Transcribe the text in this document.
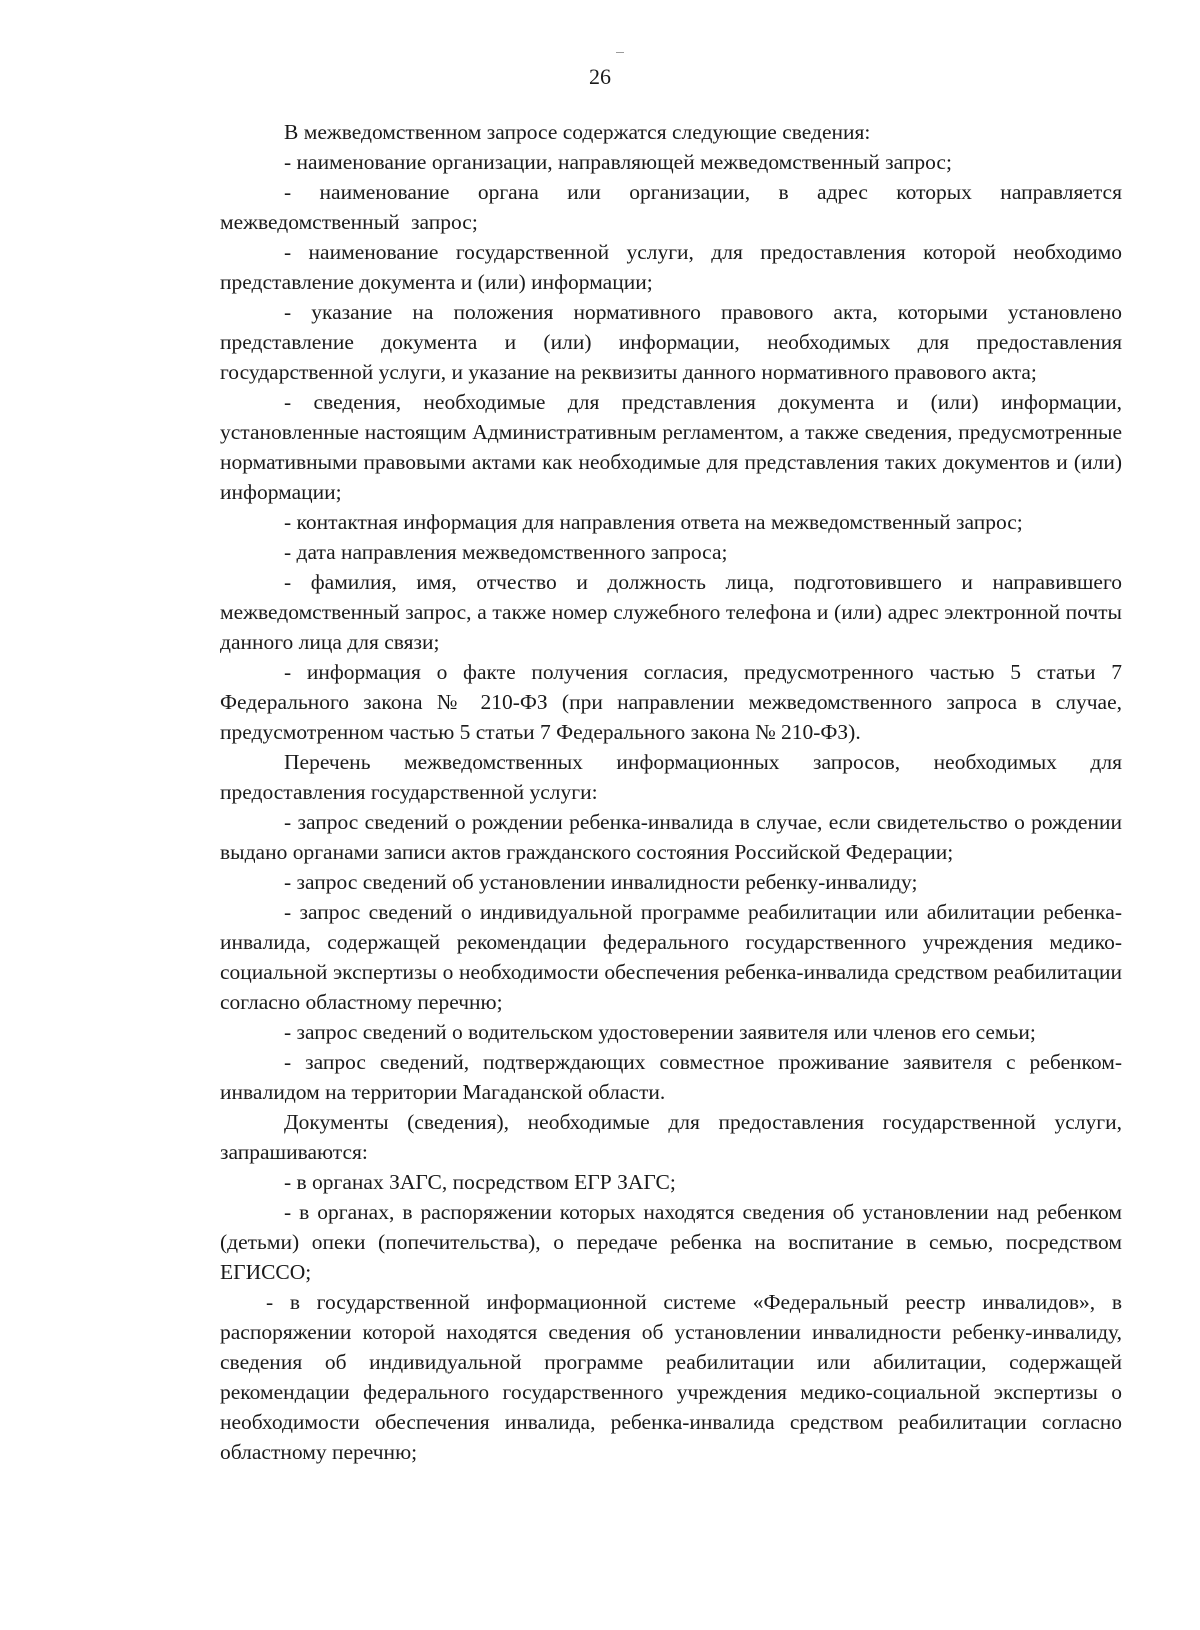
26

В межведомственном запросе содержатся следующие сведения:

- наименование организации, направляющей межведомственный запрос;

- наименование органа или организации, в адрес которых направляется межведомственный запрос;

- наименование государственной услуги, для предоставления которой необходимо представление документа и (или) информации;

- указание на положения нормативного правового акта, которыми установлено представление документа и (или) информации, необходимых для предоставления государственной услуги, и указание на реквизиты данного нормативного правового акта;

- сведения, необходимые для представления документа и (или) информации, установленные настоящим Административным регламентом, а также сведения, предусмотренные нормативными правовыми актами как необходимые для представления таких документов и (или) информации;

- контактная информация для направления ответа на межведомственный запрос;

- дата направления межведомственного запроса;

- фамилия, имя, отчество и должность лица, подготовившего и направившего межведомственный запрос, а также номер служебного телефона и (или) адрес электронной почты данного лица для связи;

- информация о факте получения согласия, предусмотренного частью 5 статьи 7 Федерального закона № 210-ФЗ (при направлении межведомственного запроса в случае, предусмотренном частью 5 статьи 7 Федерального закона № 210-ФЗ).

Перечень межведомственных информационных запросов, необходимых для предоставления государственной услуги:

- запрос сведений о рождении ребенка-инвалида в случае, если свидетельство о рождении выдано органами записи актов гражданского состояния Российской Федерации;

- запрос сведений об установлении инвалидности ребенку-инвалиду;

- запрос сведений о индивидуальной программе реабилитации или абилитации ребенка-инвалида, содержащей рекомендации федерального государственного учреждения медико-социальной экспертизы о необходимости обеспечения ребенка-инвалида средством реабилитации согласно областному перечню;

- запрос сведений о водительском удостоверении заявителя или членов его семьи;

- запрос сведений, подтверждающих совместное проживание заявителя с ребенком-инвалидом на территории Магаданской области.

Документы (сведения), необходимые для предоставления государственной услуги, запрашиваются:

- в органах ЗАГС, посредством ЕГР ЗАГС;

- в органах, в распоряжении которых находятся сведения об установлении над ребенком (детьми) опеки (попечительства), о передаче ребенка на воспитание в семью, посредством ЕГИССО;

- в государственной информационной системе «Федеральный реестр инвалидов», в распоряжении которой находятся сведения об установлении инвалидности ребенку-инвалиду, сведения об индивидуальной программе реабилитации или абилитации, содержащей рекомендации федерального государственного учреждения медико-социальной экспертизы о необходимости обеспечения инвалида, ребенка-инвалида средством реабилитации согласно областному перечню;
